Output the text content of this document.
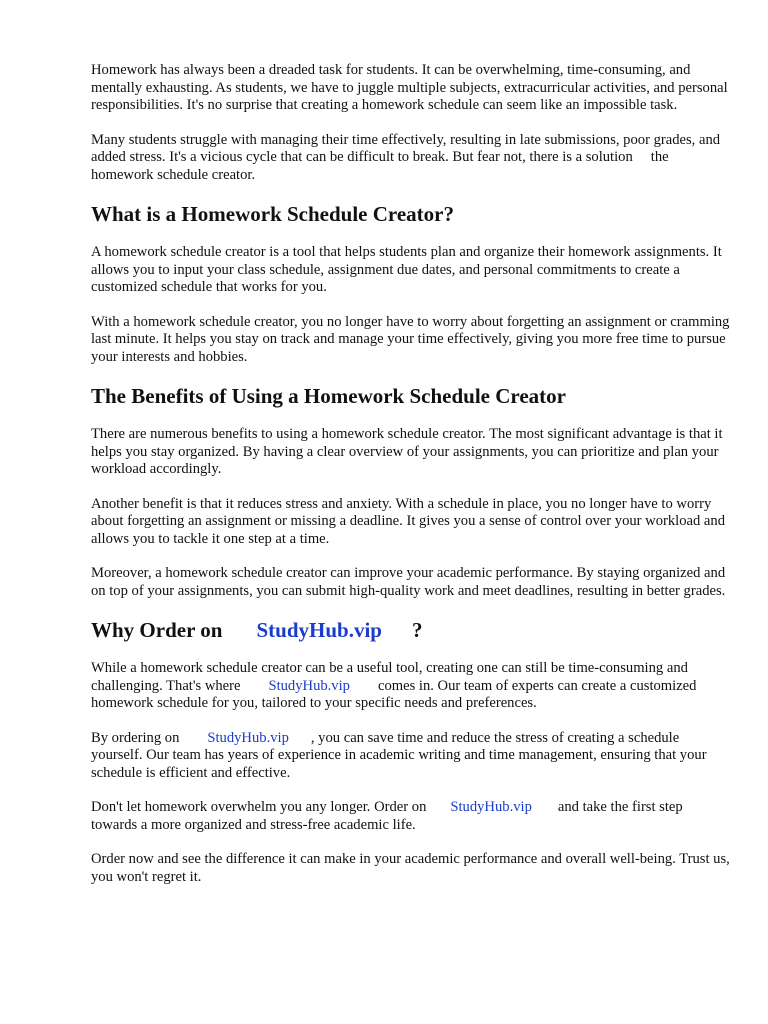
Homework has always been a dreaded task for students. It can be overwhelming, time-consuming, and mentally exhausting. As students, we have to juggle multiple subjects, extracurricular activities, and personal responsibilities. It's no surprise that creating a homework schedule can seem like an impossible task.

Many students struggle with managing their time effectively, resulting in late submissions, poor grades, and added stress. It's a vicious cycle that can be difficult to break. But fear not, there is a solution the homework schedule creator.

What is a Homework Schedule Creator?

A homework schedule creator is a tool that helps students plan and organize their homework assignments. It allows you to input your class schedule, assignment due dates, and personal commitments to create a customized schedule that works for you.

With a homework schedule creator, you no longer have to worry about forgetting an assignment or cramming last minute. It helps you stay on track and manage your time effectively, giving you more free time to pursue your interests and hobbies.

The Benefits of Using a Homework Schedule Creator

There are numerous benefits to using a homework schedule creator. The most significant advantage is that it helps you stay organized. By having a clear overview of your assignments, you can prioritize and plan your workload accordingly.

Another benefit is that it reduces stress and anxiety. With a schedule in place, you no longer have to worry about forgetting an assignment or missing a deadline. It gives you a sense of control over your workload and allows you to tackle it one step at a time.

Moreover, a homework schedule creator can improve your academic performance. By staying organized and on top of your assignments, you can submit high-quality work and meet deadlines, resulting in better grades.

Why Order on StudyHub.vip ?

While a homework schedule creator can be a useful tool, creating one can still be time-consuming and challenging. That's where StudyHub.vip comes in. Our team of experts can create a customized homework schedule for you, tailored to your specific needs and preferences.

By ordering on StudyHub.vip , you can save time and reduce the stress of creating a schedule yourself. Our team has years of experience in academic writing and time management, ensuring that your schedule is efficient and effective.

Don't let homework overwhelm you any longer. Order on StudyHub.vip and take the first step towards a more organized and stress-free academic life.

Order now and see the difference it can make in your academic performance and overall well-being. Trust us, you won't regret it.
